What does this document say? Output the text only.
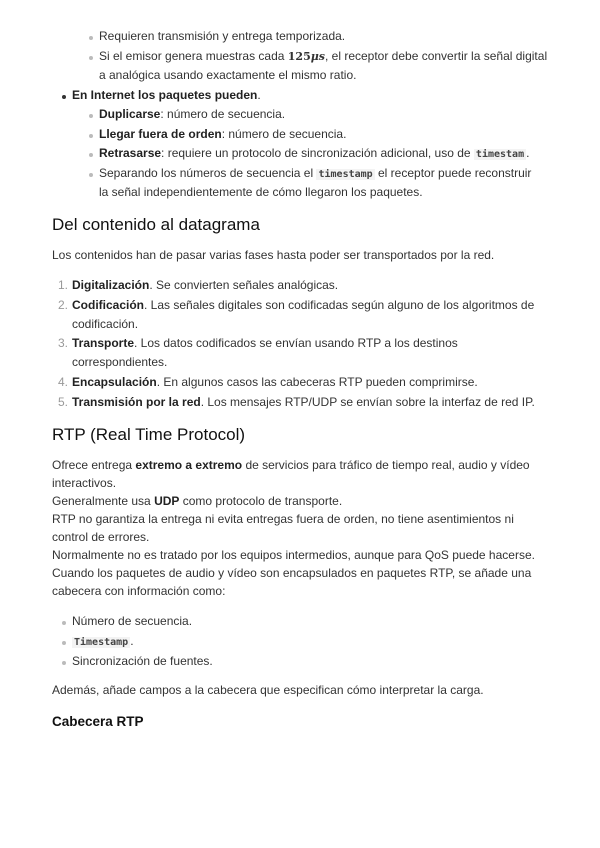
Requieren transmisión y entrega temporizada.
Si el emisor genera muestras cada 125μs, el receptor debe convertir la señal digital
a analógica usando exactamente el mismo ratio.
En Internet los paquetes pueden.
Duplicarse: número de secuencia.
Llegar fuera de orden: número de secuencia.
Retrasarse: requiere un protocolo de sincronización adicional, uso de timestam .
Separando los números de secuencia el timestamp el receptor puede reconstruir
la señal independientemente de cómo llegaron los paquetes.
Del contenido al datagrama
Los contenidos han de pasar varias fases hasta poder ser transportados por la red.
1. Digitalización. Se convierten señales analógicas.
2. Codificación. Las señales digitales son codificadas según alguno de los algoritmos de
codificación.
3. Transporte. Los datos codificados se envían usando RTP a los destinos
correspondientes.
4. Encapsulación. En algunos casos las cabeceras RTP pueden comprimirse.
5. Transmisión por la red. Los mensajes RTP/UDP se envían sobre la interfaz de red IP.
RTP (Real Time Protocol)
Ofrece entrega extremo a extremo de servicios para tráfico de tiempo real, audio y vídeo
interactivos.
Generalmente usa UDP como protocolo de transporte.
RTP no garantiza la entrega ni evita entregas fuera de orden, no tiene asentimientos ni
control de errores.
Normalmente no es tratado por los equipos intermedios, aunque para QoS puede hacerse.
Cuando los paquetes de audio y vídeo son encapsulados en paquetes RTP, se añade una
cabecera con información como:
Número de secuencia.
Timestamp .
Sincronización de fuentes.
Además, añade campos a la cabecera que especifican cómo interpretar la carga.
Cabecera RTP
